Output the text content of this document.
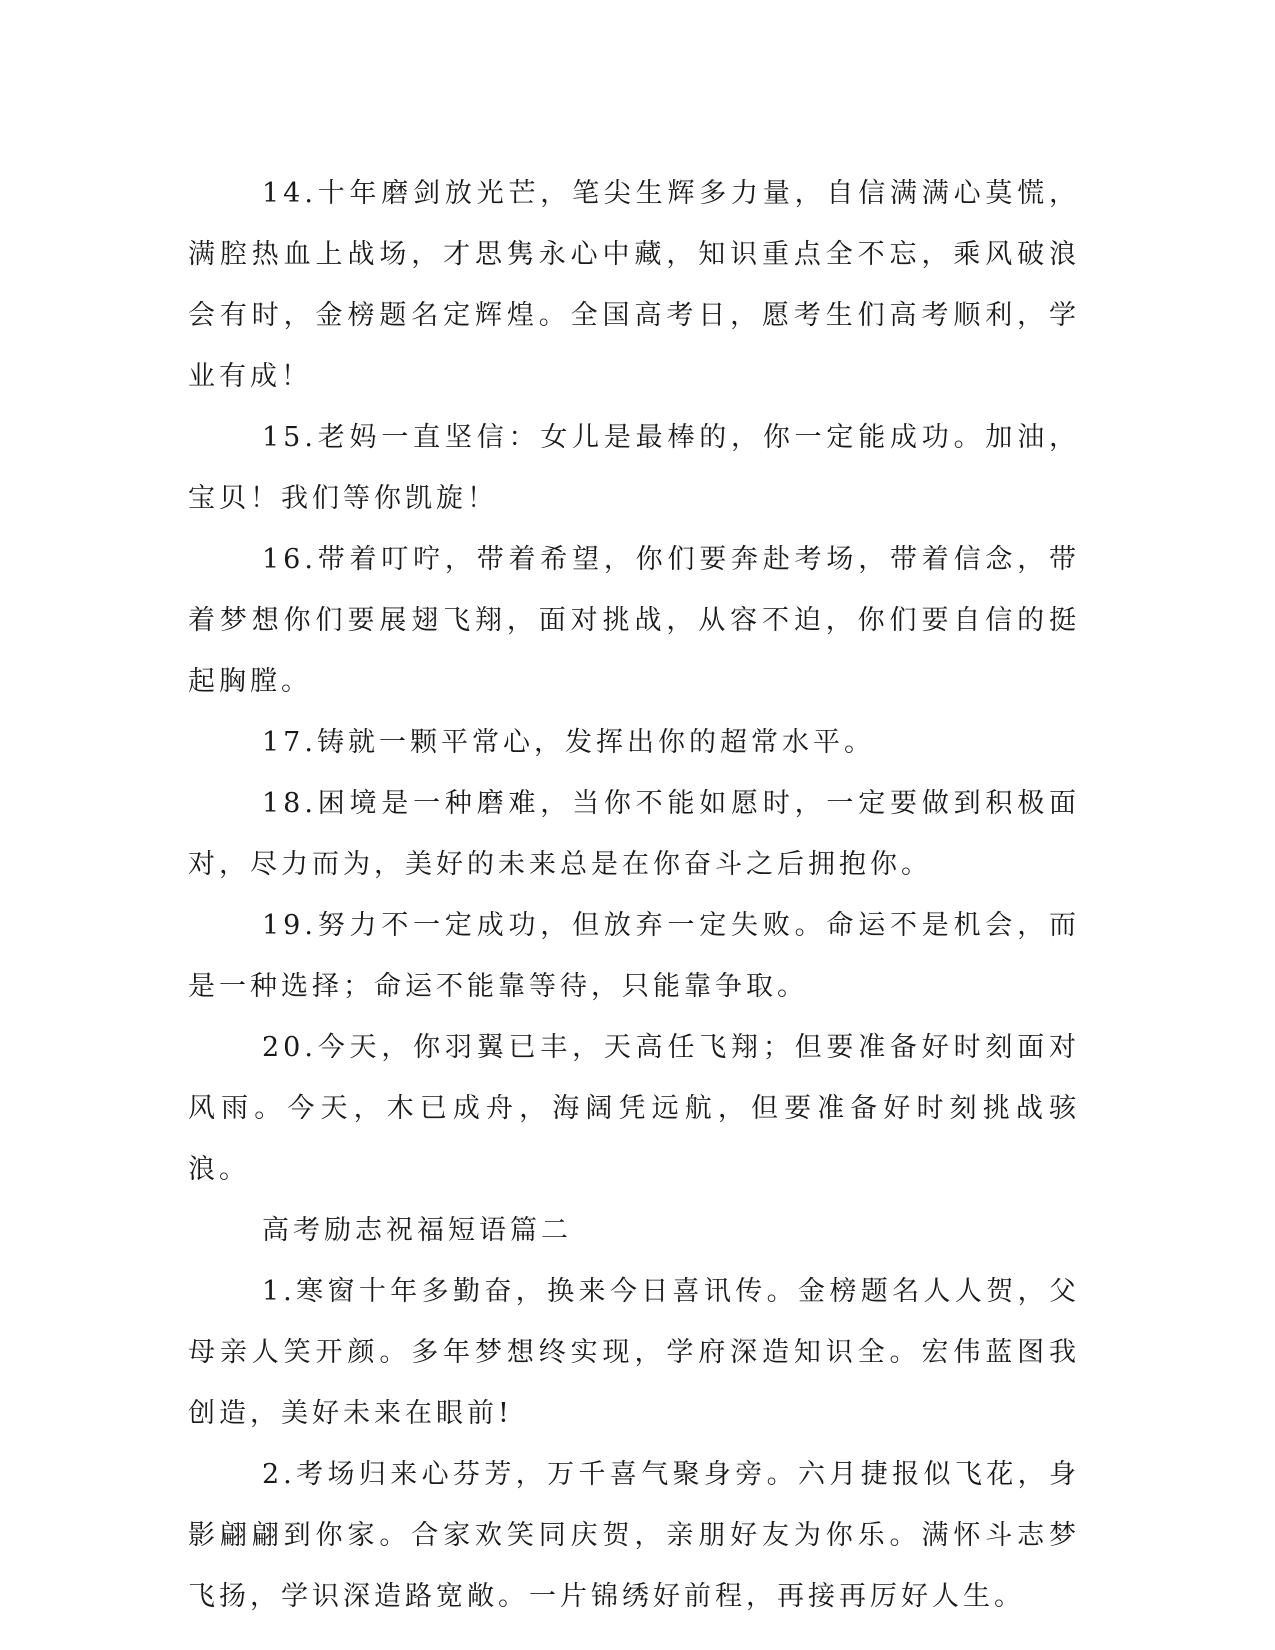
14.十年磨剑放光芒，笔尖生辉多力量，自信满满心莫慌，满腔热血上战场，才思隽永心中藏，知识重点全不忘，乘风破浪会有时，金榜题名定辉煌。全国高考日，愿考生们高考顺利，学业有成！

15.老妈一直坚信：女儿是最棒的，你一定能成功。加油，宝贝！我们等你凯旋！

16.带着叮咛，带着希望，你们要奔赴考场，带着信念，带着梦想你们要展翅飞翔，面对挑战，从容不迫，你们要自信的挺起胸膛。

17.铸就一颗平常心，发挥出你的超常水平。

18.困境是一种磨难，当你不能如愿时，一定要做到积极面对，尽力而为，美好的未来总是在你奋斗之后拥抱你。

19.努力不一定成功，但放弃一定失败。命运不是机会，而是一种选择；命运不能靠等待，只能靠争取。

20.今天，你羽翼已丰，天高任飞翔；但要准备好时刻面对风雨。今天，木已成舟，海阔凭远航，但要准备好时刻挑战骇浪。

高考励志祝福短语篇二

1.寒窗十年多勤奋，换来今日喜讯传。金榜题名人人贺，父母亲人笑开颜。多年梦想终实现，学府深造知识全。宏伟蓝图我创造，美好未来在眼前!

2.考场归来心芬芳，万千喜气聚身旁。六月捷报似飞花，身影翩翩到你家。合家欢笑同庆贺，亲朋好友为你乐。满怀斗志梦飞扬，学识深造路宽敞。一片锦绣好前程，再接再厉好人生。
